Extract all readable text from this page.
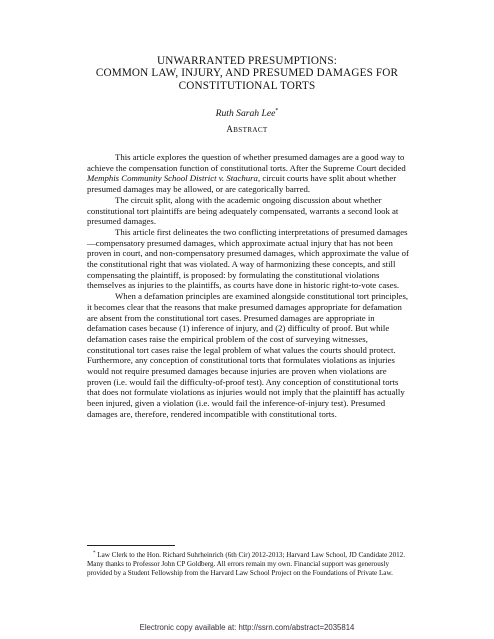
UNWARRANTED PRESUMPTIONS:
COMMON LAW, INJURY, AND PRESUMED DAMAGES FOR
CONSTITUTIONAL TORTS
Ruth Sarah Lee*
ABSTRACT

This article explores the question of whether presumed damages are a good way to achieve the compensation function of constitutional torts. After the Supreme Court decided Memphis Community School District v. Stachura, circuit courts have split about whether presumed damages may be allowed, or are categorically barred.

The circuit split, along with the academic ongoing discussion about whether constitutional tort plaintiffs are being adequately compensated, warrants a second look at presumed damages.

This article first delineates the two conflicting interpretations of presumed damages—compensatory presumed damages, which approximate actual injury that has not been proven in court, and non-compensatory presumed damages, which approximate the value of the constitutional right that was violated. A way of harmonizing these concepts, and still compensating the plaintiff, is proposed: by formulating the constitutional violations themselves as injuries to the plaintiffs, as courts have done in historic right-to-vote cases.

When a defamation principles are examined alongside constitutional tort principles, it becomes clear that the reasons that make presumed damages appropriate for defamation are absent from the constitutional tort cases. Presumed damages are appropriate in defamation cases because (1) inference of injury, and (2) difficulty of proof. But while defamation cases raise the empirical problem of the cost of surveying witnesses, constitutional tort cases raise the legal problem of what values the courts should protect. Furthermore, any conception of constitutional torts that formulates violations as injuries would not require presumed damages because injuries are proven when violations are proven (i.e. would fail the difficulty-of-proof test). Any conception of constitutional torts that does not formulate violations as injuries would not imply that the plaintiff has actually been injured, given a violation (i.e. would fail the inference-of-injury test). Presumed damages are, therefore, rendered incompatible with constitutional torts.

* Law Clerk to the Hon. Richard Suhrheinrich (6th Cir) 2012-2013; Harvard Law School, JD Candidate 2012. Many thanks to Professor John CP Goldberg. All errors remain my own. Financial support was generously provided by a Student Fellowship from the Harvard Law School Project on the Foundations of Private Law.

Electronic copy available at: http://ssrn.com/abstract=2035814
